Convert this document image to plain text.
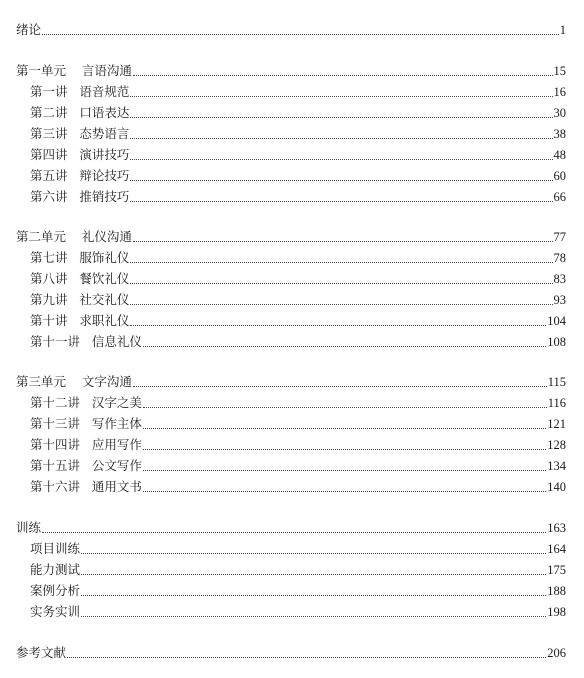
绪论	1
第一单元    言语沟通	15
第一讲   语音规范	16
第二讲   口语表达	30
第三讲   态势语言	38
第四讲   演讲技巧	48
第五讲   辩论技巧	60
第六讲   推销技巧	66
第二单元    礼仪沟通	77
第七讲   服饰礼仪	78
第八讲   餐饮礼仪	83
第九讲   社交礼仪	93
第十讲   求职礼仪	104
第十一讲   信息礼仪	108
第三单元    文字沟通	115
第十二讲   汉字之美	116
第十三讲   写作主体	121
第十四讲   应用写作	128
第十五讲   公文写作	134
第十六讲   通用文书	140
训练	163
项目训练	164
能力测试	175
案例分析	188
实务实训	198
参考文献	206
